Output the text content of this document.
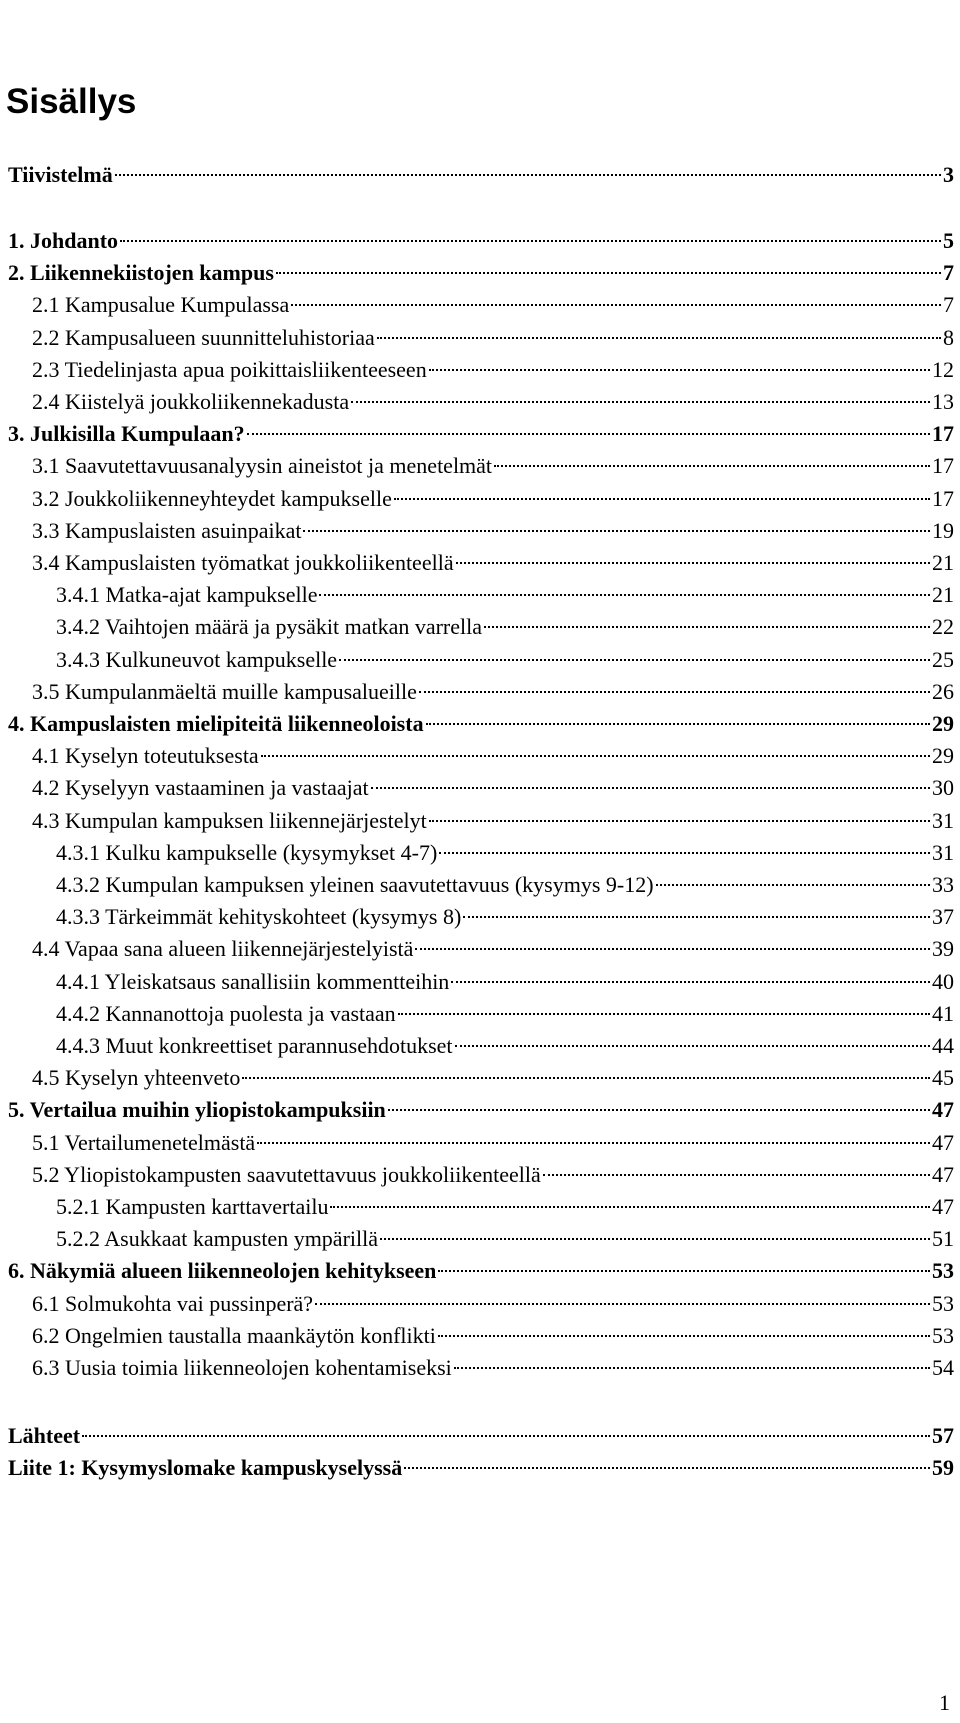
Sisällys
Tiivistelmä	3
1. Johdanto	5
2. Liikennekiistojen kampus	7
2.1 Kampusalue Kumpulassa	7
2.2 Kampusalueen suunnitteluhistoriaa	8
2.3 Tiedelinjasta apua poikittaisliikenteeseen	12
2.4 Kiistelyä joukkoliikennekadusta	13
3. Julkisilla Kumpulaan?	17
3.1 Saavutettavuusanalyysin aineistot ja menetelmät	17
3.2 Joukkoliikenneyhteydet kampukselle	17
3.3 Kampuslaisten asuinpaikat	19
3.4 Kampuslaisten työmatkat joukkoliikenteellä	21
3.4.1 Matka-ajat kampukselle	21
3.4.2 Vaihtojen määrä ja pysäkit matkan varrella	22
3.4.3 Kulkuneuvot kampukselle	25
3.5 Kumpulanmäeltä muille kampusalueille	26
4. Kampuslaisten mielipiteitä liikenneoloista	29
4.1 Kyselyn toteutuksesta	29
4.2 Kyselyyn vastaaminen ja vastaajat	30
4.3 Kumpulan kampuksen liikennejärjestelyt	31
4.3.1 Kulku kampukselle (kysymykset 4-7)	31
4.3.2 Kumpulan kampuksen yleinen saavutettavuus (kysymys 9-12)	33
4.3.3 Tärkeimmät kehityskohteet (kysymys 8)	37
4.4 Vapaa sana alueen liikennejärjestelyistä	39
4.4.1 Yleiskatsaus sanallisiin kommentteihin	40
4.4.2 Kannanottoja puolesta ja vastaan	41
4.4.3 Muut konkreettiset parannusehdotukset	44
4.5 Kyselyn yhteenveto	45
5. Vertailua muihin yliopistokampuksiin	47
5.1 Vertailumenetelmästä	47
5.2 Yliopistokampusten saavutettavuus joukkoliikenteellä	47
5.2.1 Kampusten karttavertailu	47
5.2.2 Asukkaat kampusten ympärillä	51
6. Näkymiä alueen liikenneolojen kehitykseen	53
6.1 Solmukohta vai pussinperä?	53
6.2 Ongelmien taustalla maankäytön konflikti	53
6.3 Uusia toimia liikenneolojen kohentamiseksi	54
Lähteet	57
Liite 1: Kysymyslomake kampuskyselyssä	59
1
